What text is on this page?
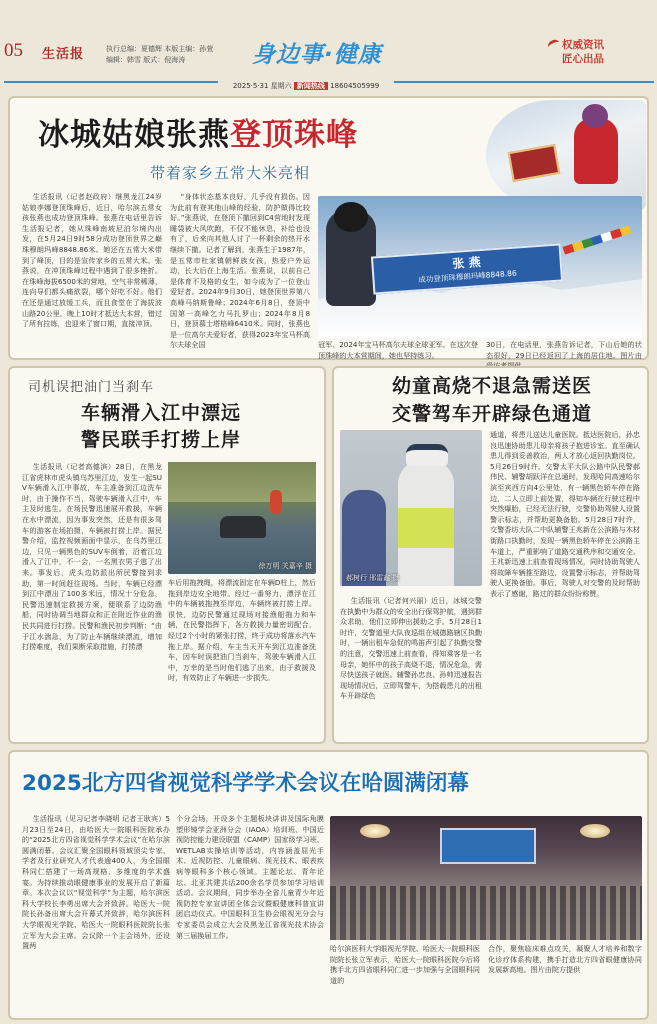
05 生活报	执行总编：夏德辉 本版主编：孙萱
编辑：韩雪 版式：倪海涛	身边事·健康	权威资讯
匠心出品
2025·5·31 星期六 新闻热线 18604505999
冰城姑娘张燕登顶珠峰
带着家乡五常大米亮相

生活报讯（记者赵政府）继黑龙江24岁姑娘李娜登顶珠峰后，近日，哈尔滨五常女孩张燕也成功登顶珠峰。张燕在电话里告诉生活报记者，她从珠峰南坡尼泊尔境内出发，在5月24日9时58分成功登顶世界之巅珠穆朗玛峰8848.86米。她还在五常大米带到了峰顶，目的是宣传家乡的五常大米。张燕说，在冲顶珠峰过程中遇到了很多挫折。在珠峰海拔6500米的营地，空气非常稀薄，连向导们都头痛欲裂，哪个好吃不好。他们在还是通过放缓工兵，而且食堂在了海拔波山路20公里，晚上10时才抵达大本营，错过了所有拉练，也迎来了窗口期，直接冲顶。

“身体状态基本良好，几乎没有损伤。因为此前有登其他山峰的经验，防护做得比较好。”张燕说，在登顶下撤回到C4营地时发现睡袋被大风吹跑，不仅不能休息，补给也没有了，后来向其他人讨了一杯剩余的热开水继续下撤。记者了解到，张燕生于1987年，是五常市杜家镇朝鲜族女孩，热爱户外运动，长大后在上海生活。张燕说，以前自己是体育不及格的女生，如今成为了一位登山爱好者。2024年9月30日，她登顶世界第八高峰马纳斯鲁峰；2024年6月8日，登顶中国第一高峰乞力马扎罗山；2024年8月8日，登顶慕士塔格峰6410米。同时，张燕也是一位高尔夫爱好者，获得2023年宝马杯高尔夫球全国

张 燕
成功登顶珠穆朗玛峰8848.86

冠军、2024年宝马杯高尔夫球全球亚军。在这次登顶珠峰的大本营期间，她也坚持练习。

30日，在电话里，张燕告诉记者，下山后她的状态很好，29日已经返回了上海的居住地。图片由

司机误把油门当刹车
车辆滑入江中漂远
警民联手打捞上岸

生活报讯（记者高德滨）28日，在黑龙江省虎林市虎头镇乌苏里江边，发生一起SUV车辆滑入江中事故，车主准备到江边洗车时，由于操作不当，驾驶车辆滑入江中，车主及时逃生。在场民警迅速展开救援，车辆在水中漂流，因为事发突然，还是有很多驾车的游客在场拍摄，车辆被打捞上岸。据民警介绍，监控视频画面中显示，在乌苏里江边，只见一辆黑色的SUV车倒着，沿着江边滑入了江中，不一会，一名黑衣男子逃了出来。事发后，虎头边防派出所民警接到求助，第一时间赶往现场。当时，车辆已经漂到江中漂出了100多米远，情况十分危急，民警迅速制定救援方案，便联系了边防渔船，同时协调当地群众和正在附近作业的渔民共同进行打捞。民警和渔民初步判断：“由于江水湍急，为了防止车辆继续漂流，增加打捞难度，我们果断采取措施，打捞漂

徐万明 关嘉辛 摄

车后用拖拽绳，将漂流固定在车辆D柱上，然后拖到岸边安全地带。经过一番努力，漂浮在江中的车辆被拖拽至岸边，车辆终被打捞上岸。很快，边防民警通过现场对接渔船拖力和车辆，在民警指挥下，各方救援力量密切配合，经过2个小时的紧张打捞，终于成功将落水汽车拖上岸。据介绍，车主当天开车到江边准备洗车，因车时误把油门当刹车，驾驶车辆滑入江中，万幸的是当时他们逃了出来，由于救援及时，有效防止了车辆进一步损失。

幼童高烧不退急需送医
交警驾车开辟绿色通道
郝树行 邢雷鑫 摄

生活报讯（记者何兴丽）近日，冰城交警在执勤中为群众的安全出行保驾护航，遇到群众求助，他们立即伸出援助之手。5月28日1时许，交警道里大队夜巡组在城德路辖区执勤时，一辆出租车急促的鸣笛声引起了执勤交警的注意，交警迅速上前查看，得知乘客是一名母亲，她怀中的孩子高烧不退，情况危急，需尽快送孩子就医。辅警孙忠良、孙帅迅速报告现场情况后，立即驾警车，为搭载患儿的出租车开辟绿色

通道，将患儿送达儿童医院。抵达医院后，孙忠良迅速协助患儿母亲将孩子抱进诊室。直至确认患儿得到妥善救治，两人才放心返回执勤岗位。5月26日9时许，交警太平大队公路中队民警郝伟民、辅警胡跃洋在总通时，发现哈同高速哈尔滨至宾西方向4公里处，有一辆黑色轿车停在路边，二人立即上前处置，得知车辆在行驶过程中突然爆胎，已经无法行驶，交警协助驾驶人设置警示标志，并帮助更换备胎。5月28日7时许，交警香坊大队二中队辅警王兆新在公滨路与木材街路口执勤时，发现一辆黑色轿车停在公滨路主车道上，严重影响了道路交通秩序和交通安全。王兆新迅速上前查看现场情况，同时协助驾驶人将故障车辆推至路边，设置警示标志，并帮助驾驶人更换备胎。事后，驾驶人对交警的及时帮助表示了感谢，路过的群众纷纷称赞。

2025北方四省视觉科学学术会议在哈圆满闭幕

生活报讯（见习记者李晓明 记者王耿宾）5月23日至24日，由哈医大一院眼科医院承办的“2025北方四省视觉科学学术会议”在哈尔滨圆满闭幕。会议汇聚全国眼科领域顶尖专家、学者及行业研究人才代表逾400人，为全国眼科同仁搭建了一场高规格、多维度的学术盛宴。为持续推动眼健康事业的发展开启了新篇章。本次会议以“视觉科学”为主题，哈尔滨医科大学校长李勇出席大会并致辞。哈医大一院院长孙备出席大会开幕式并致辞，哈尔滨医科大学眼视光学院、哈医大一院眼科医院院长张立军为大会主席。会议除一个主会场外，还设置两

个分会场，开设多个主题板块讲讲及国际角膜塑形镜学会亚洲分会（IAOA）培训班、中国近视防控能力建设联盟（CAMP）国家级学习班、WETLAB实操培训等活动，内容涵盖屈光手术、近视防控、儿童眼病、视光技术、眼表疾病等眼科多个核心领域。主题论坛、青年论坛、北亚共建共话200余名学员参加学习培训活动。会议期间，同步举办全省儿童青少年近视防控专家宣讲团全体会议暨眼健康科普宣讲团启动仪式。中国眼科卫生协会眼视光分会与专家委员会成立大会及黑龙江省视光技术协会第三届换届工作。

哈尔滨医科大学眼视光学院、哈医大一院眼科医院院长张立军表示，哈医大一院眼科医院今后将携手北方四省眼科同仁进一步加强与全国眼科同道的

合作，聚焦临床难点攻关，凝聚人才培养和数字化诊疗体系构建，携手打造北方四省眼健康协同发展新高地。图片由院方提供
